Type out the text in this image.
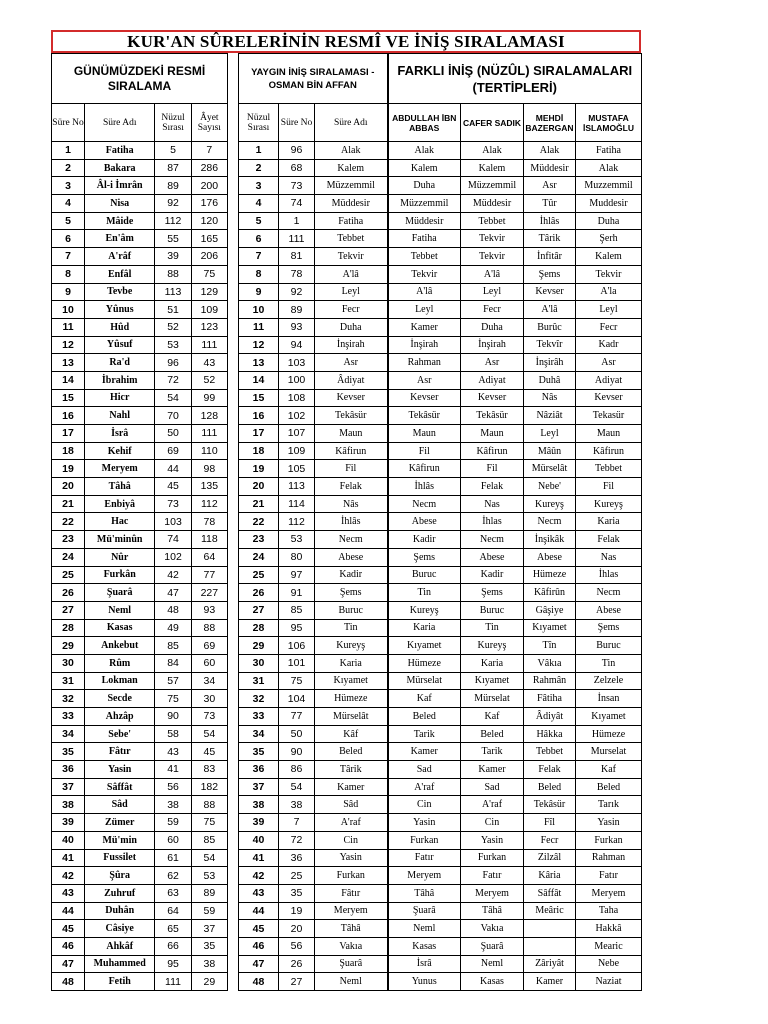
KUR'AN SÛRELERİNİN RESMÎ VE İNİŞ SIRALAMASI
GÜNÜMÜZDEKİ RESMİ SIRALAMA			
Süre No	Süre Adı	Nüzul Sırası	Âyet Sayısı
1	Fatiha	5	7
2	Bakara	87	286
3	Âl-i İmrân	89	200
4	Nisa	92	176
5	Mâide	112	120
6	En'âm	55	165
7	A'râf	39	206
8	Enfâl	88	75
9	Tevbe	113	129
10	Yûnus	51	109
11	Hûd	52	123
12	Yûsuf	53	111
13	Ra'd	96	43
14	İbrahim	72	52
15	Hicr	54	99
16	Nahl	70	128
17	İsrâ	50	111
18	Kehif	69	110
19	Meryem	44	98
20	Tâhâ	45	135
21	Enbiyâ	73	112
22	Hac	103	78
23	Mü'minûn	74	118
24	Nûr	102	64
25	Furkân	42	77
26	Şuarâ	47	227
27	Neml	48	93
28	Kasas	49	88
29	Ankebut	85	69
30	Rûm	84	60
31	Lokman	57	34
32	Secde	75	30
33	Ahzâp	90	73
34	Sebe'	58	54
35	Fâtır	43	45
36	Yasin	41	83
37	Sâffât	56	182
38	Sâd	38	88
39	Zümer	59	75
40	Mü'min	60	85
41	Fussilet	61	54
42	Şûra	62	53
43	Zuhruf	63	89
44	Duhân	64	59
45	Câsiye	65	37
46	Ahkâf	66	35
47	Muhammed	95	38
48	Fetih	111	29
YAYGIN İNİŞ SIRALAMASI - OSMAN BİN AFFAN			FARKLI İNİŞ (NÜZÛL) SIRALAMALARI (TERTİPLERİ)			
Nüzul Sırası	Süre No	Süre Adı	ABDULLAH İBN ABBAS	CAFER SADIK	MEHDİ BAZERGAN	MUSTAFA İSLAMOĞLU
1	96	Alak	Alak	Alak	Alak	Fatiha
2	68	Kalem	Kalem	Kalem	Müddesir	Alak
3	73	Müzzemmil	Duha	Müzzemmil	Asr	Muzzemmil
4	74	Müddesir	Müzzemmil	Müddesir	Tûr	Muddesir
5	1	Fatiha	Müddesir	Tebbet	İhlâs	Duha
6	111	Tebbet	Fatiha	Tekvir	Târik	Şerh
7	81	Tekvir	Tebbet	Tekvir	İnfitâr	Kalem
8	78	A'lâ	Tekvir	A'lâ	Şems	Tekvir
9	92	Leyl	A'lâ	Leyl	Kevser	A'la
10	89	Fecr	Leyl	Fecr	A'lâ	Leyl
11	93	Duha	Kamer	Duha	Burûc	Fecr
12	94	İnşirah	İnşirah	İnşirah	Tekvîr	Kadr
13	103	Asr	Rahman	Asr	İnşirâh	Asr
14	100	Âdiyat	Asr	Adiyat	Duhâ	Adiyat
15	108	Kevser	Kevser	Kevser	Nâs	Kevser
16	102	Tekâsür	Tekâsür	Tekâsür	Nâziât	Tekasür
17	107	Maun	Maun	Maun	Leyl	Maun
18	109	Kâfirun	Fil	Kâfirun	Mâûn	Kâfirun
19	105	Fil	Kâfirun	Fil	Mürselât	Tebbet
20	113	Felak	İhlâs	Felak	Nebe'	Fil
21	114	Nâs	Necm	Nas	Kureyş	Kureyş
22	112	İhlâs	Abese	İhlas	Necm	Karia
23	53	Necm	Kadir	Necm	İnşikâk	Felak
24	80	Abese	Şems	Abese	Abese	Nas
25	97	Kadir	Buruc	Kadir	Hümeze	İhlas
26	91	Şems	Tin	Şems	Kâfirûn	Necm
27	85	Buruc	Kureyş	Buruc	Gâşiye	Abese
28	95	Tin	Karia	Tin	Kıyamet	Şems
29	106	Kureyş	Kıyamet	Kureyş	Tîn	Buruc
30	101	Karia	Hümeze	Karia	Vâkıa	Tin
31	75	Kıyamet	Mürselat	Kıyamet	Rahmân	Zelzele
32	104	Hümeze	Kaf	Mürselat	Fâtiha	İnsan
33	77	Mürselât	Beled	Kaf	Âdiyât	Kıyamet
34	50	Kâf	Tarik	Beled	Hâkka	Hümeze
35	90	Beled	Kamer	Tarik	Tebbet	Murselat
36	86	Târik	Sad	Kamer	Felak	Kaf
37	54	Kamer	A'raf	Sad	Beled	Beled
38	38	Sâd	Cin	A'raf	Tekâsür	Tarık
39	7	A'raf	Yasin	Cin	Fîl	Yasin
40	72	Cin	Furkan	Yasin	Fecr	Furkan
41	36	Yasin	Fatır	Furkan	Zilzâl	Rahman
42	25	Furkan	Meryem	Fatır	Kâria	Fatır
43	35	Fâtır	Tâhâ	Meryem	Sâffât	Meryem
44	19	Meryem	Şuarâ	Tâhâ	Meâric	Taha
45	20	Tâhâ	Neml	Vakıa		Hakkâ
46	56	Vakıa	Kasas	Şuarâ		Mearic
47	26	Şuarâ	İsrâ	Neml	Zâriyât	Nebe
48	27	Neml	Yunus	Kasas	Kamer	Naziat
